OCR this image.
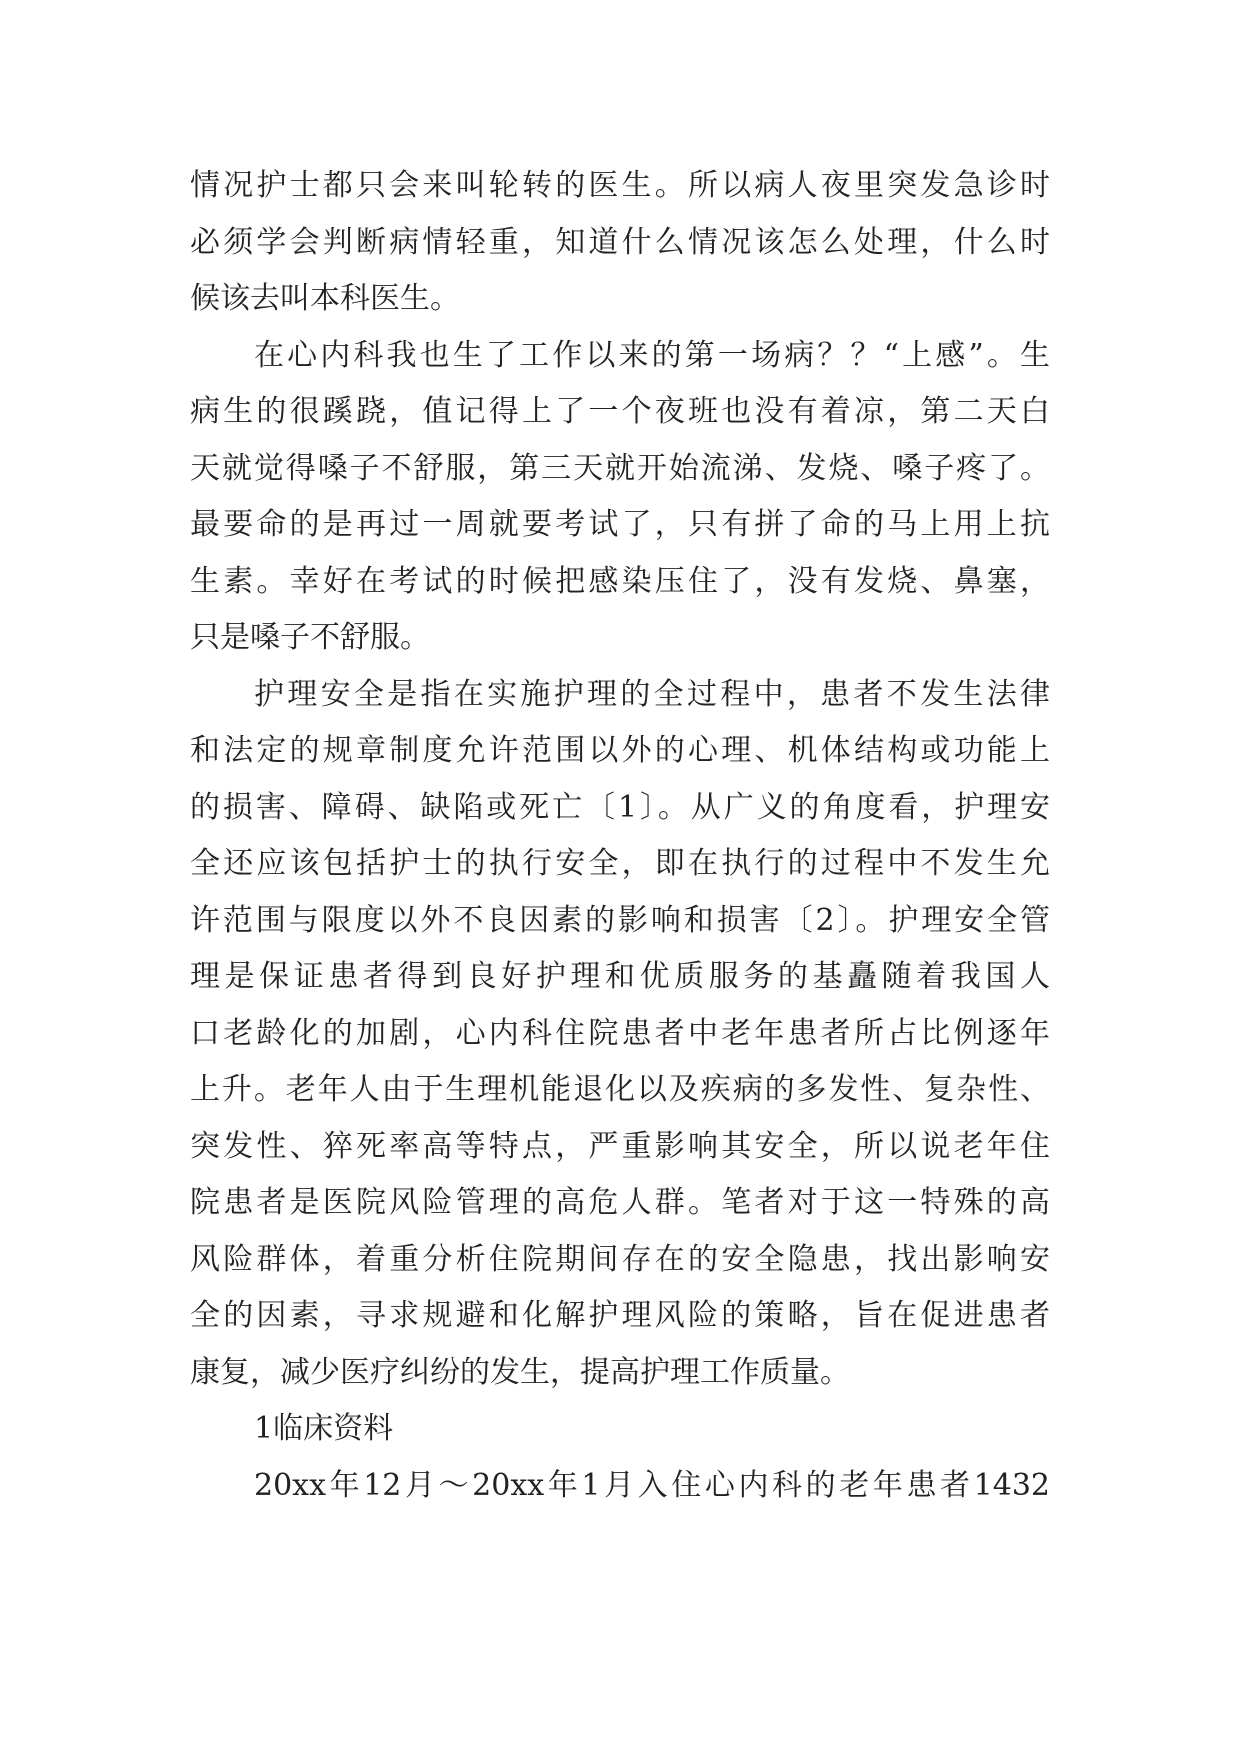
情况护士都只会来叫轮转的医生。所以病人夜里突发急诊时
必须学会判断病情轻重，知道什么情况该怎么处理，什么时
候该去叫本科医生。
在心内科我也生了工作以来的第一场病？？“上感”。生
病生的很蹊跷，值记得上了一个夜班也没有着凉，第二天白
天就觉得嗓子不舒服，第三天就开始流涕、发烧、嗓子疼了。
最要命的是再过一周就要考试了，只有拼了命的马上用上抗
生素。幸好在考试的时候把感染压住了，没有发烧、鼻塞，
只是嗓子不舒服。
护理安全是指在实施护理的全过程中，患者不发生法律
和法定的规章制度允许范围以外的心理、机体结构或功能上
的损害、障碍、缺陷或死亡〔1〕。从广义的角度看，护理安
全还应该包括护士的执行安全，即在执行的过程中不发生允
许范围与限度以外不良因素的影响和损害〔2〕。护理安全管
理是保证患者得到良好护理和优质服务的基矗随着我国人
口老龄化的加剧，心内科住院患者中老年患者所占比例逐年
上升。老年人由于生理机能退化以及疾病的多发性、复杂性、
突发性、猝死率高等特点，严重影响其安全，所以说老年住
院患者是医院风险管理的高危人群。笔者对于这一特殊的高
风险群体，着重分析住院期间存在的安全隐患，找出影响安
全的因素，寻求规避和化解护理风险的策略，旨在促进患者
康复，减少医疗纠纷的发生，提高护理工作质量。
1临床资料
20xx年12月～20xx年1月入住心内科的老年患者1432
